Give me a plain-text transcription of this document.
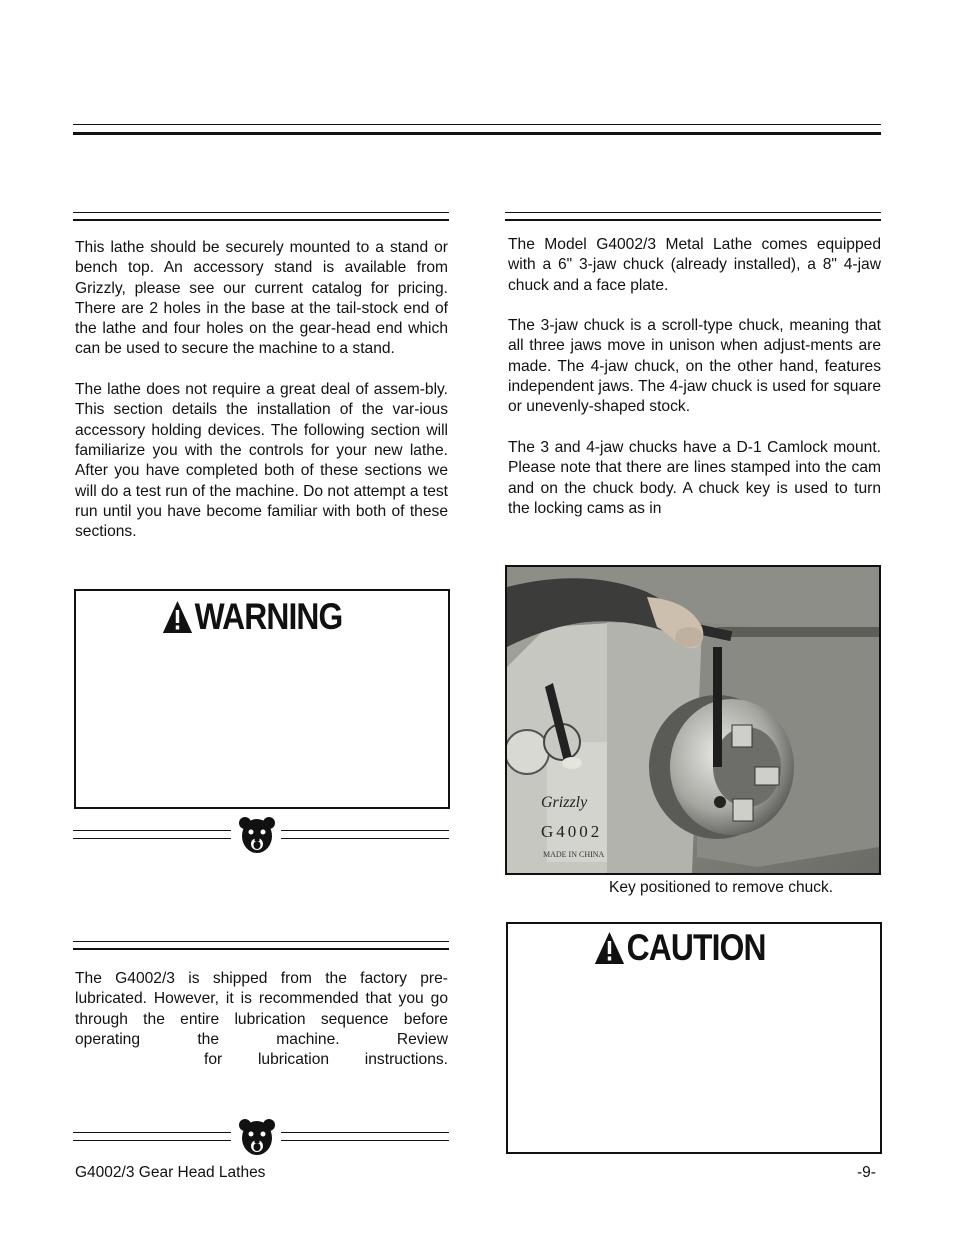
This lathe should be securely mounted to a stand or bench top. An accessory stand is available from Grizzly, please see our current catalog for pricing. There are 2 holes in the base at the tail-stock end of the lathe and four holes on the gear-head end which can be used to secure the machine to a stand.

The lathe does not require a great deal of assem-bly. This section details the installation of the var-ious accessory holding devices. The following section will familiarize you with the controls for your new lathe. After you have completed both of these sections we will do a test run of the machine. Do not attempt a test run until you have become familiar with both of these sections.

WARNING

The G4002/3 is shipped from the factory pre-lubricated. However, it is recommended that you go through the entire lubrication sequence before operating the machine. Review

for lubrication instructions.

The Model G4002/3 Metal Lathe comes equipped with a 6" 3-jaw chuck (already installed), a 8" 4-jaw chuck and a face plate.

The 3-jaw chuck is a scroll-type chuck, meaning that all three jaws move in unison when adjust-ments are made. The 4-jaw chuck, on the other hand, features independent jaws. The 4-jaw chuck is used for square or unevenly-shaped stock.

The 3 and 4-jaw chucks have a D-1 Camlock mount. Please note that there are lines stamped into the cam and on the chuck body. A chuck key is used to turn the locking cams as in

Grizzly
G4002
MADE IN CHINA
Key positioned to remove chuck.
CAUTION
G4002/3 Gear Head Lathes	-9-
